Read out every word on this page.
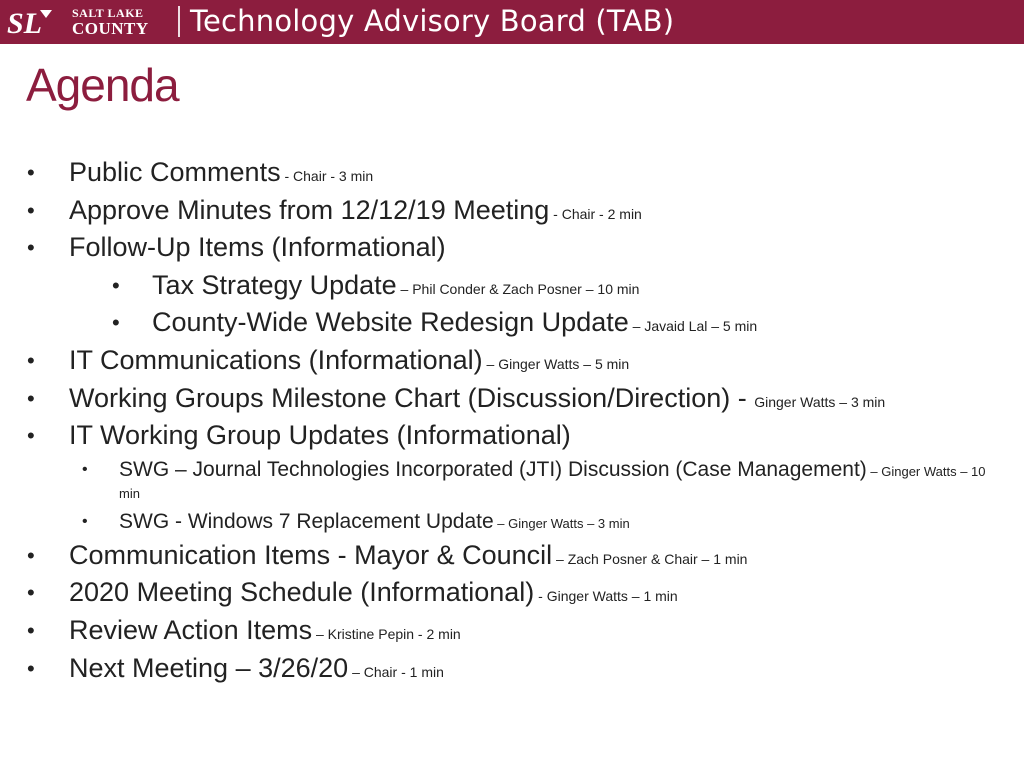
SL SALT LAKE
COUNTY Technology Advisory Board (TAB)
Agenda
• Public Comments - Chair - 3 min
• Approve Minutes from 12/12/19 Meeting - Chair - 2 min
• Follow-Up Items (Informational)
• Tax Strategy Update – Phil Conder & Zach Posner – 10 min
• County-Wide Website Redesign Update – Javaid Lal – 5 min
• IT Communications (Informational) – Ginger Watts – 5 min
• Working Groups Milestone Chart (Discussion/Direction) - Ginger Watts – 3 min
• IT Working Group Updates (Informational)
• SWG – Journal Technologies Incorporated (JTI) Discussion (Case Management) – Ginger Watts – 10 min
• SWG - Windows 7 Replacement Update – Ginger Watts – 3 min
• Communication Items - Mayor & Council – Zach Posner & Chair – 1 min
• 2020 Meeting Schedule (Informational) - Ginger Watts – 1 min
• Review Action Items – Kristine Pepin - 2 min
• Next Meeting – 3/26/20 – Chair - 1 min
